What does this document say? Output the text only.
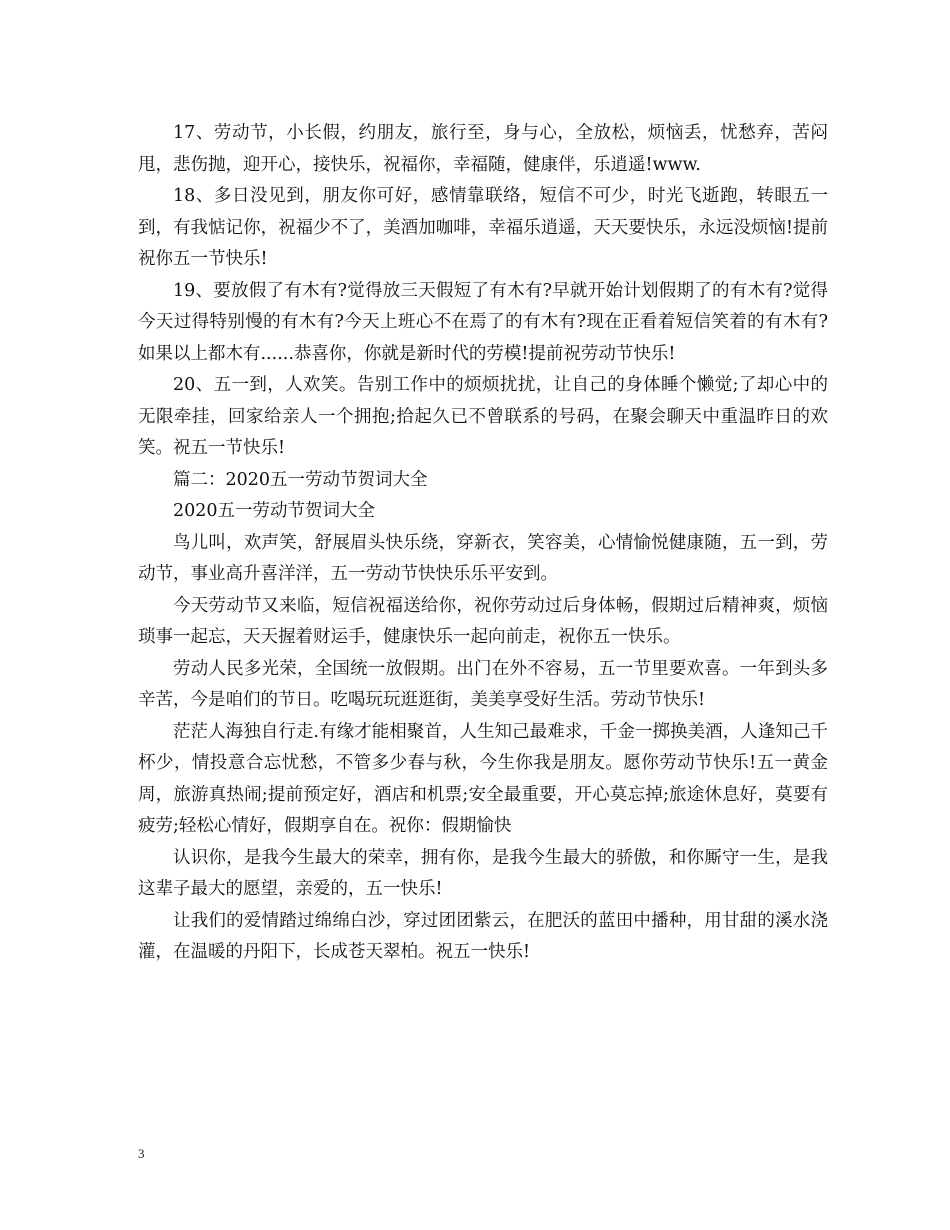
17、劳动节，小长假，约朋友，旅行至，身与心，全放松，烦恼丢，忧愁弃，苦闷甩，悲伤抛，迎开心，接快乐，祝福你，幸福随，健康伴，乐逍遥!www.

18、多日没见到，朋友你可好，感情靠联络，短信不可少，时光飞逝跑，转眼五一到，有我惦记你，祝福少不了，美酒加咖啡，幸福乐逍遥，天天要快乐，永远没烦恼!提前祝你五一节快乐!

19、要放假了有木有?觉得放三天假短了有木有?早就开始计划假期了的有木有?觉得今天过得特别慢的有木有?今天上班心不在焉了的有木有?现在正看着短信笑着的有木有?如果以上都木有......恭喜你，你就是新时代的劳模!提前祝劳动节快乐!

20、五一到，人欢笑。告别工作中的烦烦扰扰，让自己的身体睡个懒觉;了却心中的无限牵挂，回家给亲人一个拥抱;拾起久已不曾联系的号码，在聚会聊天中重温昨日的欢笑。祝五一节快乐!

篇二：2020五一劳动节贺词大全

2020五一劳动节贺词大全

鸟儿叫，欢声笑，舒展眉头快乐绕，穿新衣，笑容美，心情愉悦健康随，五一到，劳动节，事业高升喜洋洋，五一劳动节快快乐乐平安到。

今天劳动节又来临，短信祝福送给你，祝你劳动过后身体畅，假期过后精神爽，烦恼琐事一起忘，天天握着财运手，健康快乐一起向前走，祝你五一快乐。

劳动人民多光荣，全国统一放假期。出门在外不容易，五一节里要欢喜。一年到头多辛苦，今是咱们的节日。吃喝玩玩逛逛街，美美享受好生活。劳动节快乐!

茫茫人海独自行走.有缘才能相聚首，人生知己最难求，千金一掷换美酒，人逢知己千杯少，情投意合忘忧愁，不管多少春与秋，今生你我是朋友。愿你劳动节快乐!五一黄金周，旅游真热闹;提前预定好，酒店和机票;安全最重要，开心莫忘掉;旅途休息好，莫要有疲劳;轻松心情好，假期享自在。祝你：假期愉快

认识你，是我今生最大的荣幸，拥有你，是我今生最大的骄傲，和你厮守一生，是我这辈子最大的愿望，亲爱的，五一快乐!

让我们的爱情踏过绵绵白沙，穿过团团紫云，在肥沃的蓝田中播种，用甘甜的溪水浇灌，在温暖的丹阳下，长成苍天翠柏。祝五一快乐!

3
